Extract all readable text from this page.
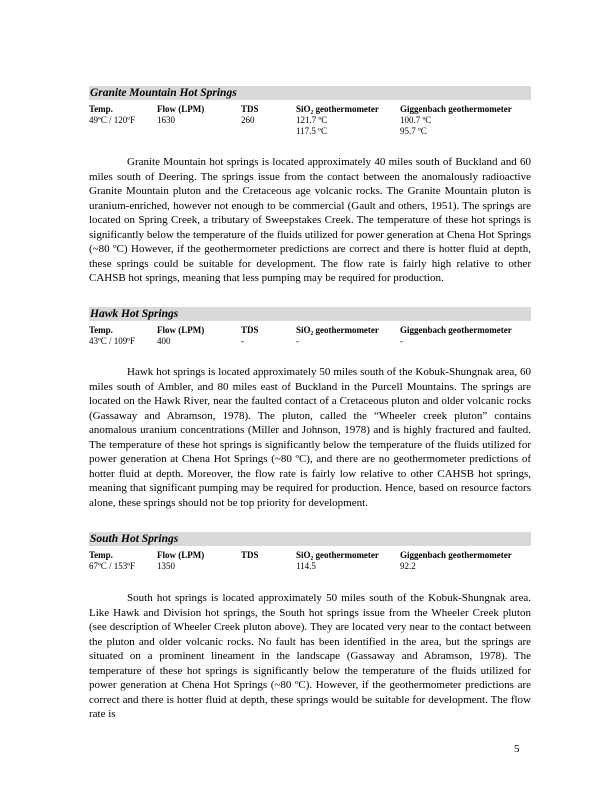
Granite Mountain Hot Springs
Temp.	Flow (LPM)	TDS	SiO₂ geothermometer	Giggenbach geothermometer
49ºC / 120ºF	1630	260	121.7 ºC	100.7 ºC
			117.5 ºC	95.7 ºC

Granite Mountain hot springs is located approximately 40 miles south of Buckland and 60 miles south of Deering. The springs issue from the contact between the anomalously radioactive Granite Mountain pluton and the Cretaceous age volcanic rocks. The Granite Mountain pluton is uranium-enriched, however not enough to be commercial (Gault and others, 1951). The springs are located on Spring Creek, a tributary of Sweepstakes Creek. The temperature of these hot springs is significantly below the temperature of the fluids utilized for power generation at Chena Hot Springs (~80 ºC) However, if the geothermometer predictions are correct and there is hotter fluid at depth, these springs could be suitable for development. The flow rate is fairly high relative to other CAHSB hot springs, meaning that less pumping may be required for production.

Hawk Hot Springs
Temp.	Flow (LPM)	TDS	SiO₂ geothermometer	Giggenbach geothermometer
43ºC / 109ºF	400	-	-	-

Hawk hot springs is located approximately 50 miles south of the Kobuk-Shungnak area, 60 miles south of Ambler, and 80 miles east of Buckland in the Purcell Mountains. The springs are located on the Hawk River, near the faulted contact of a Cretaceous pluton and older volcanic rocks (Gassaway and Abramson, 1978). The pluton, called the “Wheeler creek pluton” contains anomalous uranium concentrations (Miller and Johnson, 1978) and is highly fractured and faulted. The temperature of these hot springs is significantly below the temperature of the fluids utilized for power generation at Chena Hot Springs (~80 ºC), and there are no geothermometer predictions of hotter fluid at depth. Moreover, the flow rate is fairly low relative to other CAHSB hot springs, meaning that significant pumping may be required for production. Hence, based on resource factors alone, these springs should not be top priority for development.

South Hot Springs
Temp.	Flow (LPM)	TDS	SiO₂ geothermometer	Giggenbach geothermometer
67ºC / 153ºF	1350		114.5	92.2

South hot springs is located approximately 50 miles south of the Kobuk-Shungnak area. Like Hawk and Division hot springs, the South hot springs issue from the Wheeler Creek pluton (see description of Wheeler Creek pluton above). They are located very near to the contact between the pluton and older volcanic rocks. No fault has been identified in the area, but the springs are situated on a prominent lineament in the landscape (Gassaway and Abramson, 1978). The temperature of these hot springs is significantly below the temperature of the fluids utilized for power generation at Chena Hot Springs (~80 ºC). However, if the geothermometer predictions are correct and there is hotter fluid at depth, these springs would be suitable for development. The flow rate is

5
